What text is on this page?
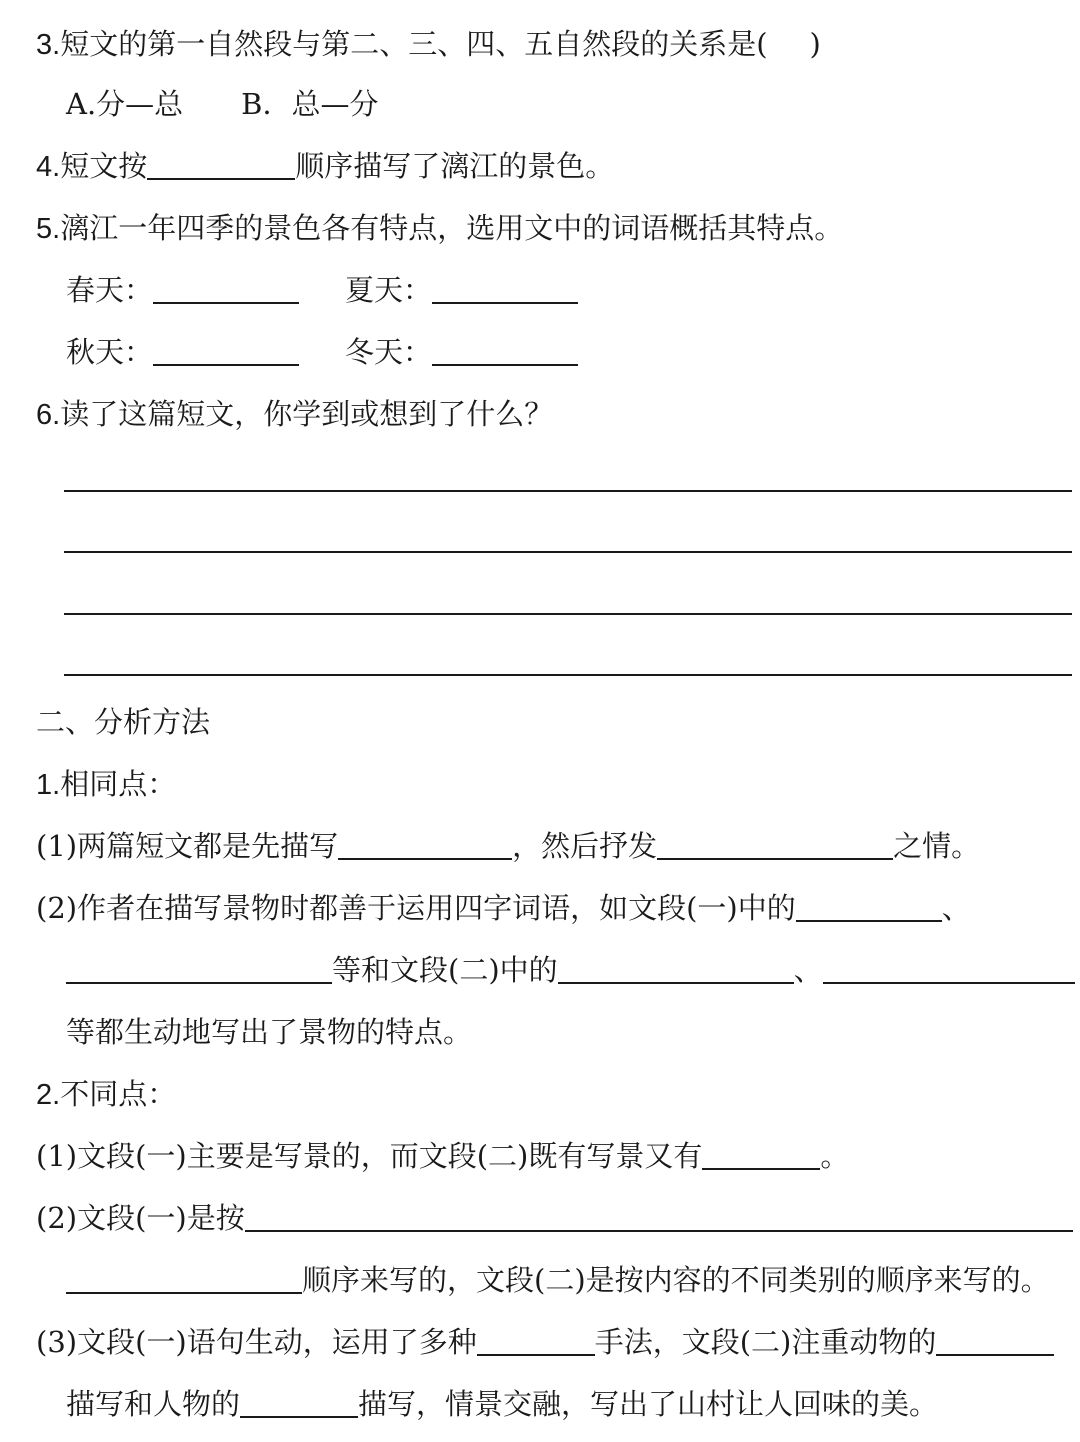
3.短文的第一自然段与第二、三、四、五自然段的关系是( )
A.分—总 B．总—分
4.短文按	顺序描写了漓江的景色。
5.漓江一年四季的景色各有特点，选用文中的词语概括其特点。
春天：	夏天：
秋天：	冬天：
6.读了这篇短文，你学到或想到了什么？
二、分析方法
1.相同点：
(1)两篇短文都是先描写	，然后抒发	之情。
(2)作者在描写景物时都善于运用四字词语，如文段(一)中的	、
等和文段(二)中的	、
等都生动地写出了景物的特点。
2.不同点：
(1)文段(一)主要是写景的，而文段(二)既有写景又有	。
(2)文段(一)是按
顺序来写的，文段(二)是按内容的不同类别的顺序来写的。
(3)文段(一)语句生动，运用了多种	手法，文段(二)注重动物的
描写和人物的	描写，情景交融，写出了山村让人回味的美。
